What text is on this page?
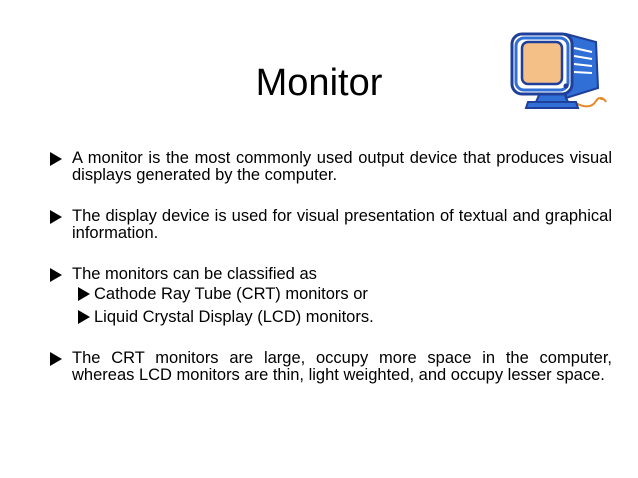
Monitor
A monitor is the most commonly used output device that produces visual displays generated by the computer.
The display device is used for visual presentation of textual and graphical information.
The monitors can be classified as
Cathode Ray Tube (CRT) monitors or
Liquid Crystal Display (LCD) monitors.
The CRT monitors are large, occupy more space in the computer, whereas LCD monitors are thin, light weighted, and occupy lesser space.
